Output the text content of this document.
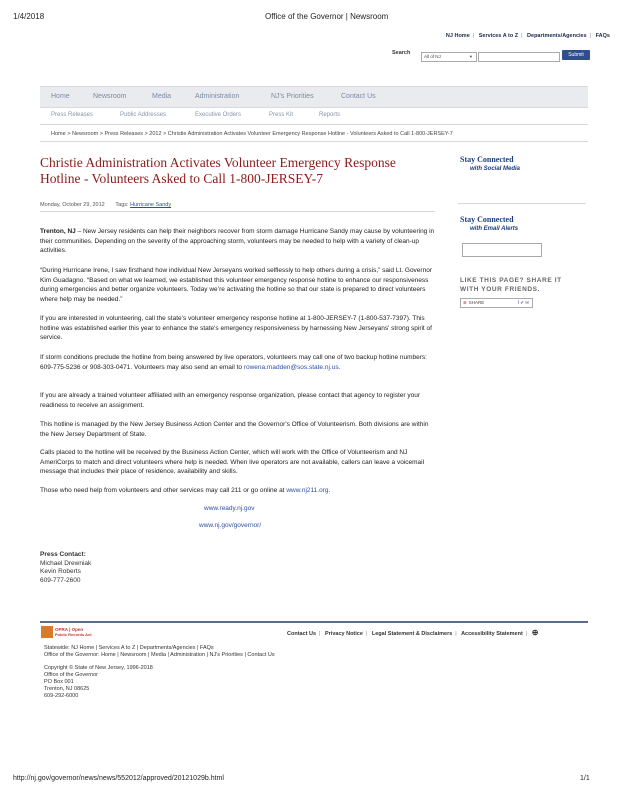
1/4/2018	Office of the Governor | Newsroom
NJ Home | Services A to Z | Departments/Agencies | FAQs
Search
All of NJ	▾	Submit
Home	Newsroom	Media	Administration	NJ's Priorities	Contact Us
Press Releases	Public Addresses	Executive Orders	Press Kit	Reports
Home > Newsroom > Press Releases > 2012 > Christie Administration Activates Volunteer Emergency Response Hotline - Volunteers Asked to Call 1-800-JERSEY-7
Christie Administration Activates Volunteer Emergency Response Hotline - Volunteers Asked to Call 1-800-JERSEY-7
Monday, October 29, 2012 Tags: Hurricane Sandy

Trenton, NJ – New Jersey residents can help their neighbors recover from storm damage Hurricane Sandy may cause by volunteering in their communities. Depending on the severity of the approaching storm, volunteers may be needed to help with a variety of clean-up activities.

“During Hurricane Irene, I saw firsthand how individual New Jerseyans worked selflessly to help others during a crisis,” said Lt. Governor Kim Guadagno. “Based on what we learned, we established this volunteer emergency response hotline to enhance our responsiveness during emergencies and better organize volunteers. Today we’re activating the hotline so that our state is prepared to direct volunteers where help may be needed.”

If you are interested in volunteering, call the state’s volunteer emergency response hotline at 1-800-JERSEY-7 (1-800-537-7397). This hotline was established earlier this year to enhance the state's emergency responsiveness by harnessing New Jerseyans' strong spirit of service.

If storm conditions preclude the hotline from being answered by live operators, volunteers may call one of two backup hotline numbers: 609-775-5236 or 908-303-0471. Volunteers may also send an email to rowena.madden@sos.state.nj.us.

If you are already a trained volunteer affiliated with an emergency response organization, please contact that agency to register your readiness to receive an assignment.

This hotline is managed by the New Jersey Business Action Center and the Governor's Office of Volunteerism. Both divisions are within the New Jersey Department of State.

Calls placed to the hotline will be received by the Business Action Center, which will work with the Office of Volunteerism and NJ AmeriCorps to match and direct volunteers where help is needed. When live operators are not available, callers can leave a voicemail message that includes their place of residence, availability and skills.

Those who need help from volunteers and other services may call 211 or go online at www.nj211.org.

www.ready.nj.gov
www.nj.gov/governor/
Press Contact:
Michael Drewniak
Kevin Roberts
609-777-2600
Stay Connected
with Social Media
Stay Connected
with Email Alerts
LIKE THIS PAGE? SHARE IT
WITH YOUR FRIENDS.
⊕ SHARE	f ✔ ✉
OPRA | Open
Public Records Act	Contact Us | Privacy Notice | Legal Statement & Disclaimers | Accessibility Statement | ⊕
Statewide: NJ Home | Services A to Z | Departments/Agencies | FAQs
Office of the Governor: Home | Newsroom | Media | Administration | NJ's Priorities | Contact Us
Copyright © State of New Jersey, 1996-2018
Office of the Governor
PO Box 001
Trenton, NJ 08625
609-292-6000
http://nj.gov/governor/news/news/552012/approved/20121029b.html	1/1
